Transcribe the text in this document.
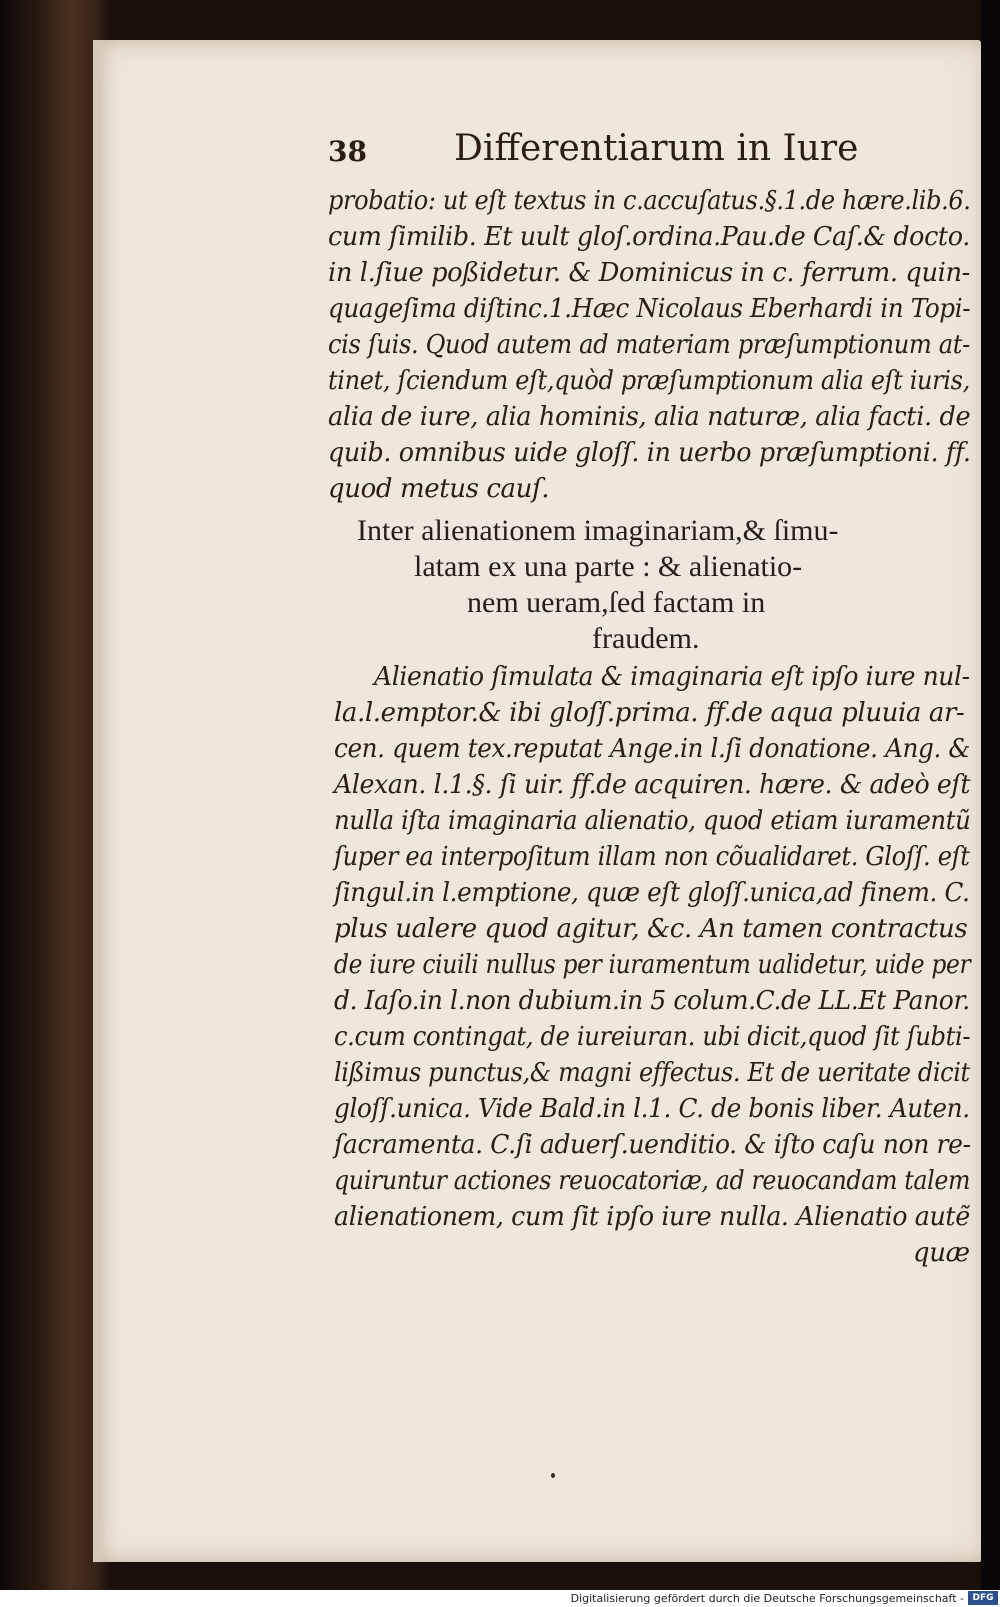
38 Differentiarum in Iure
probatio: ut eſt textus in c.accuſatus.§.1.de hære.lib.6.
cum ſimilib. Et uult gloſ.ordina.Pau.de Caſ.& docto.
in l.ſiue poßidetur. & Dominicus in c. ferrum. quin-
quageſima diſtinc.1.Hæc Nicolaus Eberhardi in Topi-
cis ſuis. Quod autem ad materiam præſumptionum at-
tinet, ſciendum eſt,quòd præſumptionum alia eſt iuris,
alia de iure, alia hominis, alia naturæ, alia facti. de
quib. omnibus uide gloſſ. in uerbo præſumptioni. ff.
quod metus cauſ.
Inter alienationem imaginariam,& ſimu-
latam ex una parte : & alienatio-
nem ueram,ſed factam in
fraudem.
Alienatio ſimulata & imaginaria eſt ipſo iure nul-
la.l.emptor.& ibi gloſſ.prima. ff.de aqua pluuia ar-
cen. quem tex.reputat Ange.in l.ſi donatione. Ang. &
Alexan. l.1.§. ſi uir. ff.de acquiren. hære. & adeò eſt
nulla iſta imaginaria alienatio, quod etiam iuramentũ
ſuper ea interpoſitum illam non cõualidaret. Gloſſ. eſt
ſingul.in l.emptione, quæ eſt gloſſ.unica,ad finem. C.
plus ualere quod agitur, &c. An tamen contractus
de iure ciuili nullus per iuramentum ualidetur, uide per
d. Iaſo.in l.non dubium.in 5 colum.C.de LL.Et Panor.
c.cum contingat, de iureiuran. ubi dicit,quod ſit ſubti-
lißimus punctus,& magni effectus. Et de ueritate dicit
gloſſ.unica. Vide Bald.in l.1. C. de bonis liber. Auten.
ſacramenta. C.ſi aduerſ.uenditio. & iſto caſu non re-
quiruntur actiones reuocatoriæ, ad reuocandam talem
alienationem, cum ſit ipſo iure nulla. Alienatio autẽ
quæ
Digitalisierung gefördert durch die Deutsche Forschungsgemeinschaft - DFG
